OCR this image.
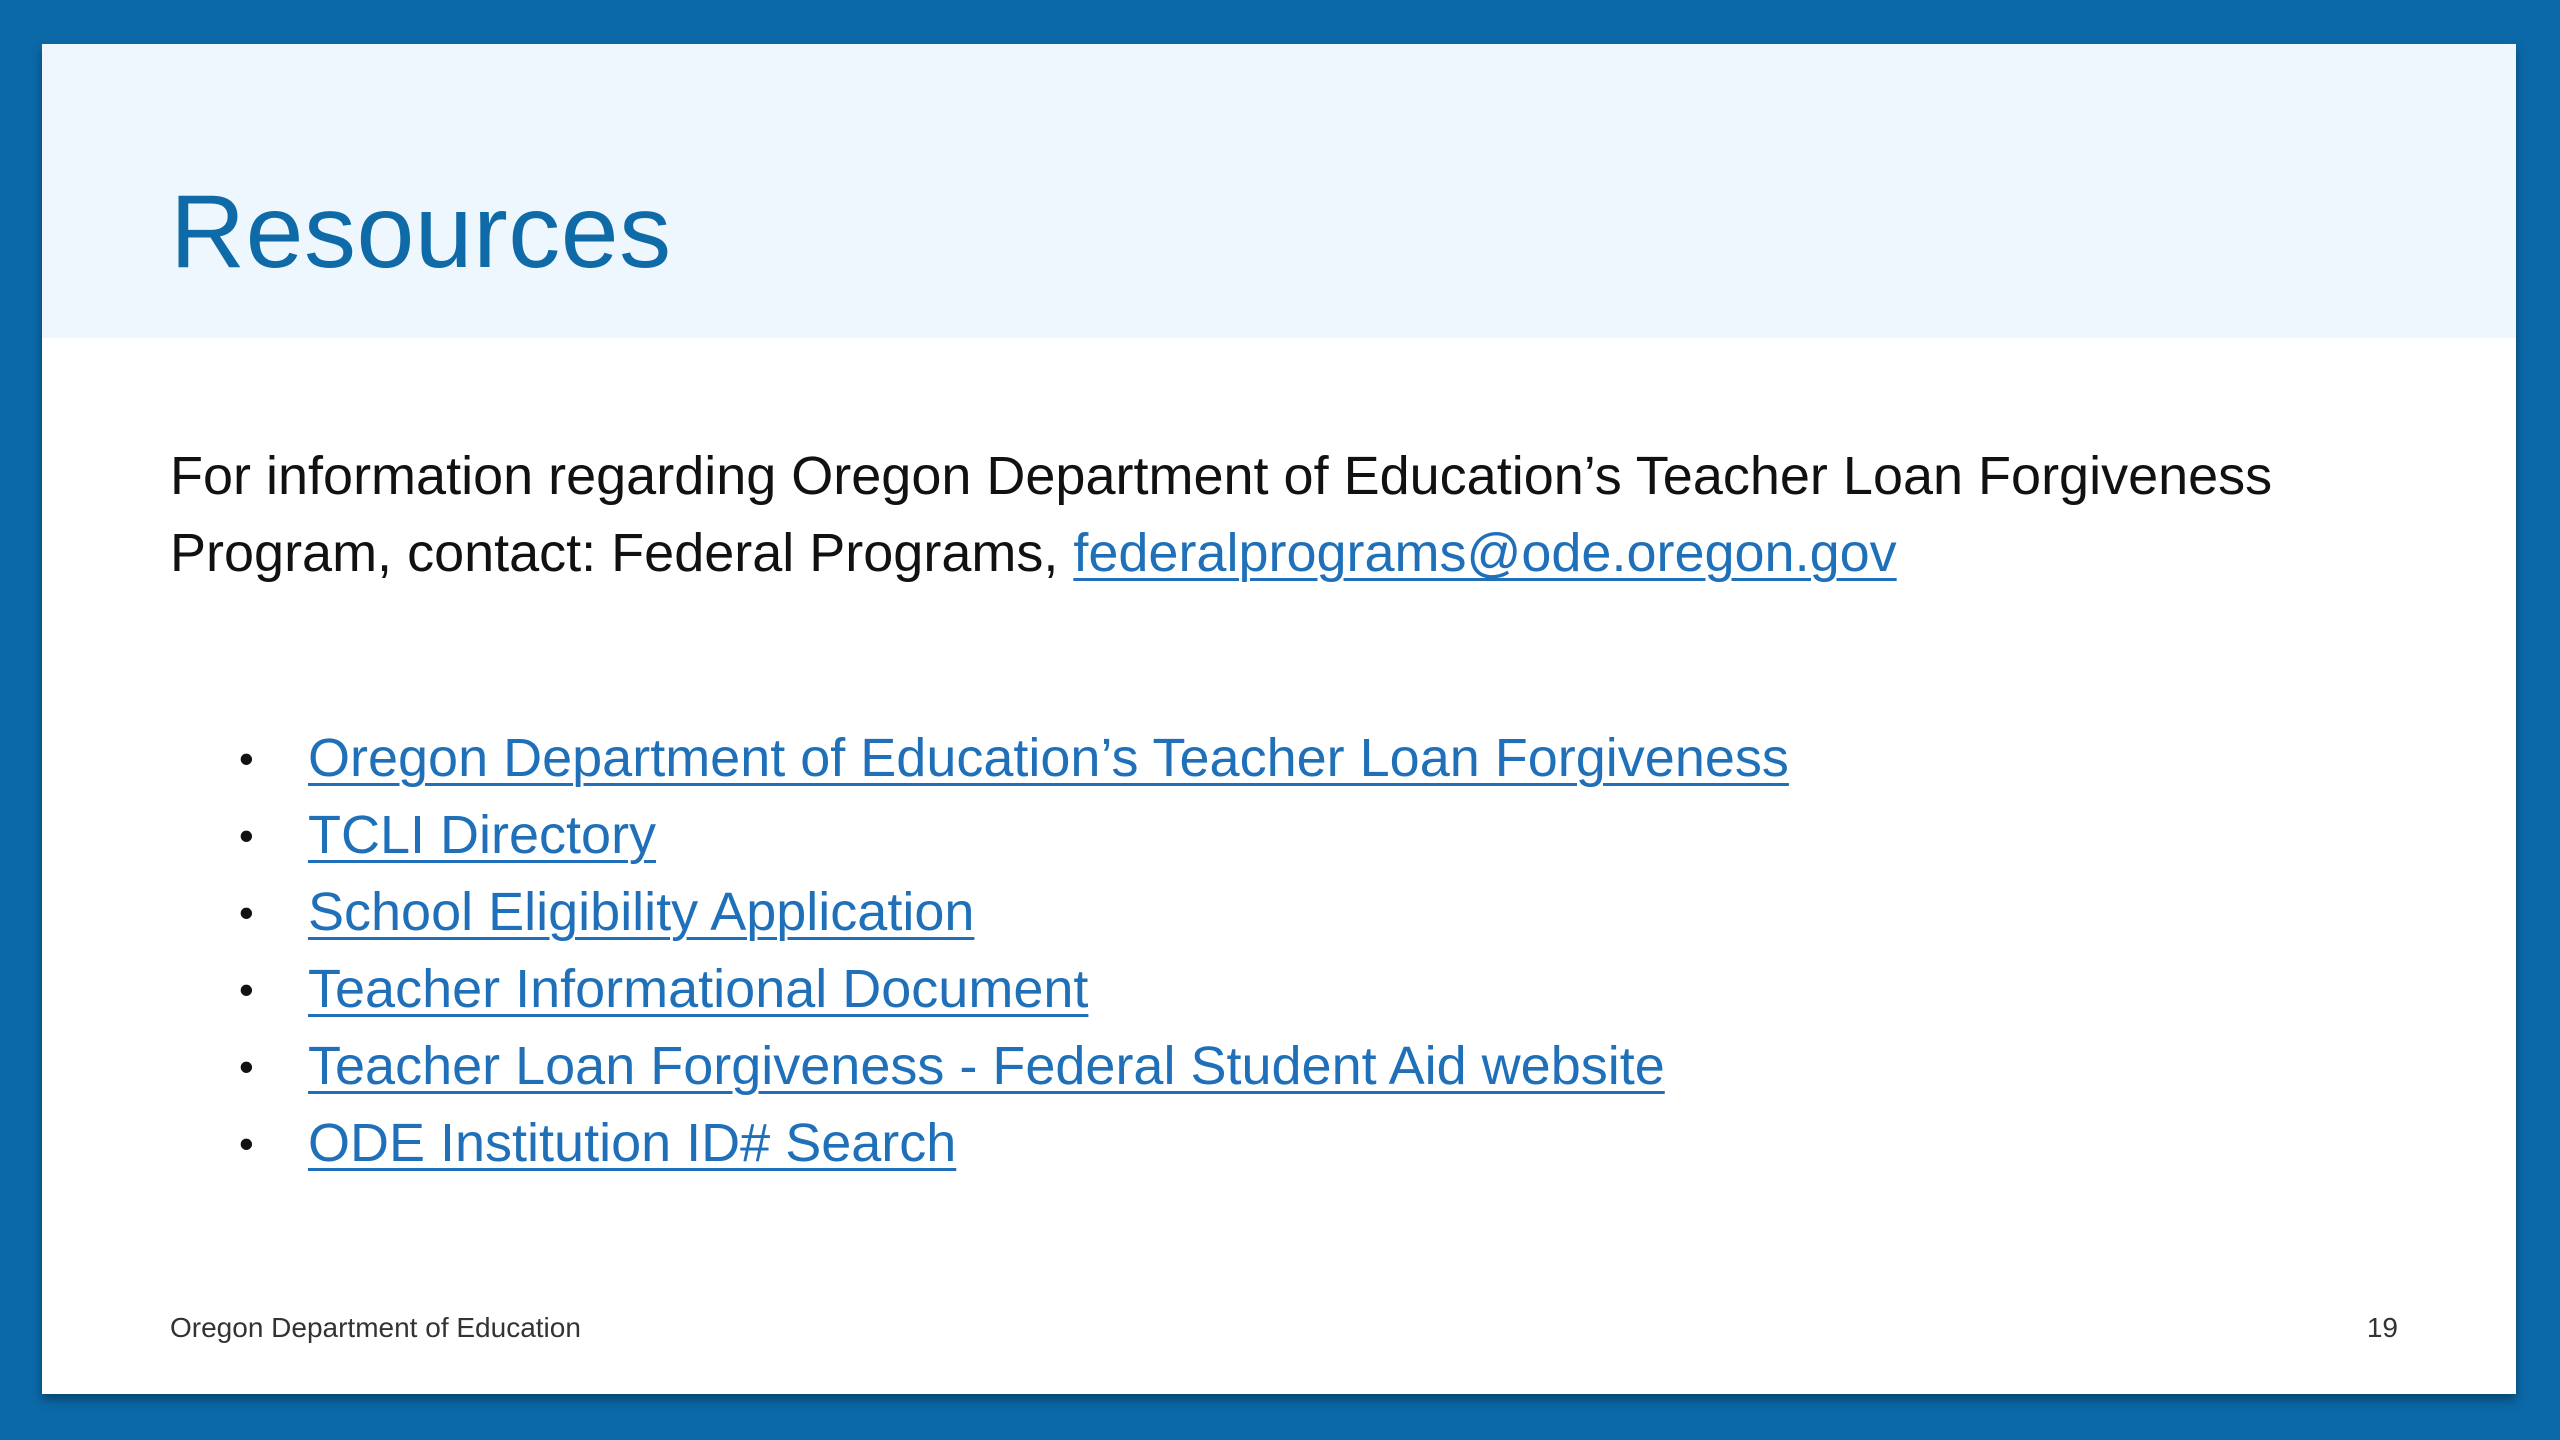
Resources

For information regarding Oregon Department of Education’s Teacher Loan Forgiveness Program, contact: Federal Programs, federalprograms@ode.oregon.gov

• Oregon Department of Education’s Teacher Loan Forgiveness
• TCLI Directory
• School Eligibility Application
• Teacher Informational Document
• Teacher Loan Forgiveness - Federal Student Aid website
• ODE Institution ID# Search
Oregon Department of Education	19
